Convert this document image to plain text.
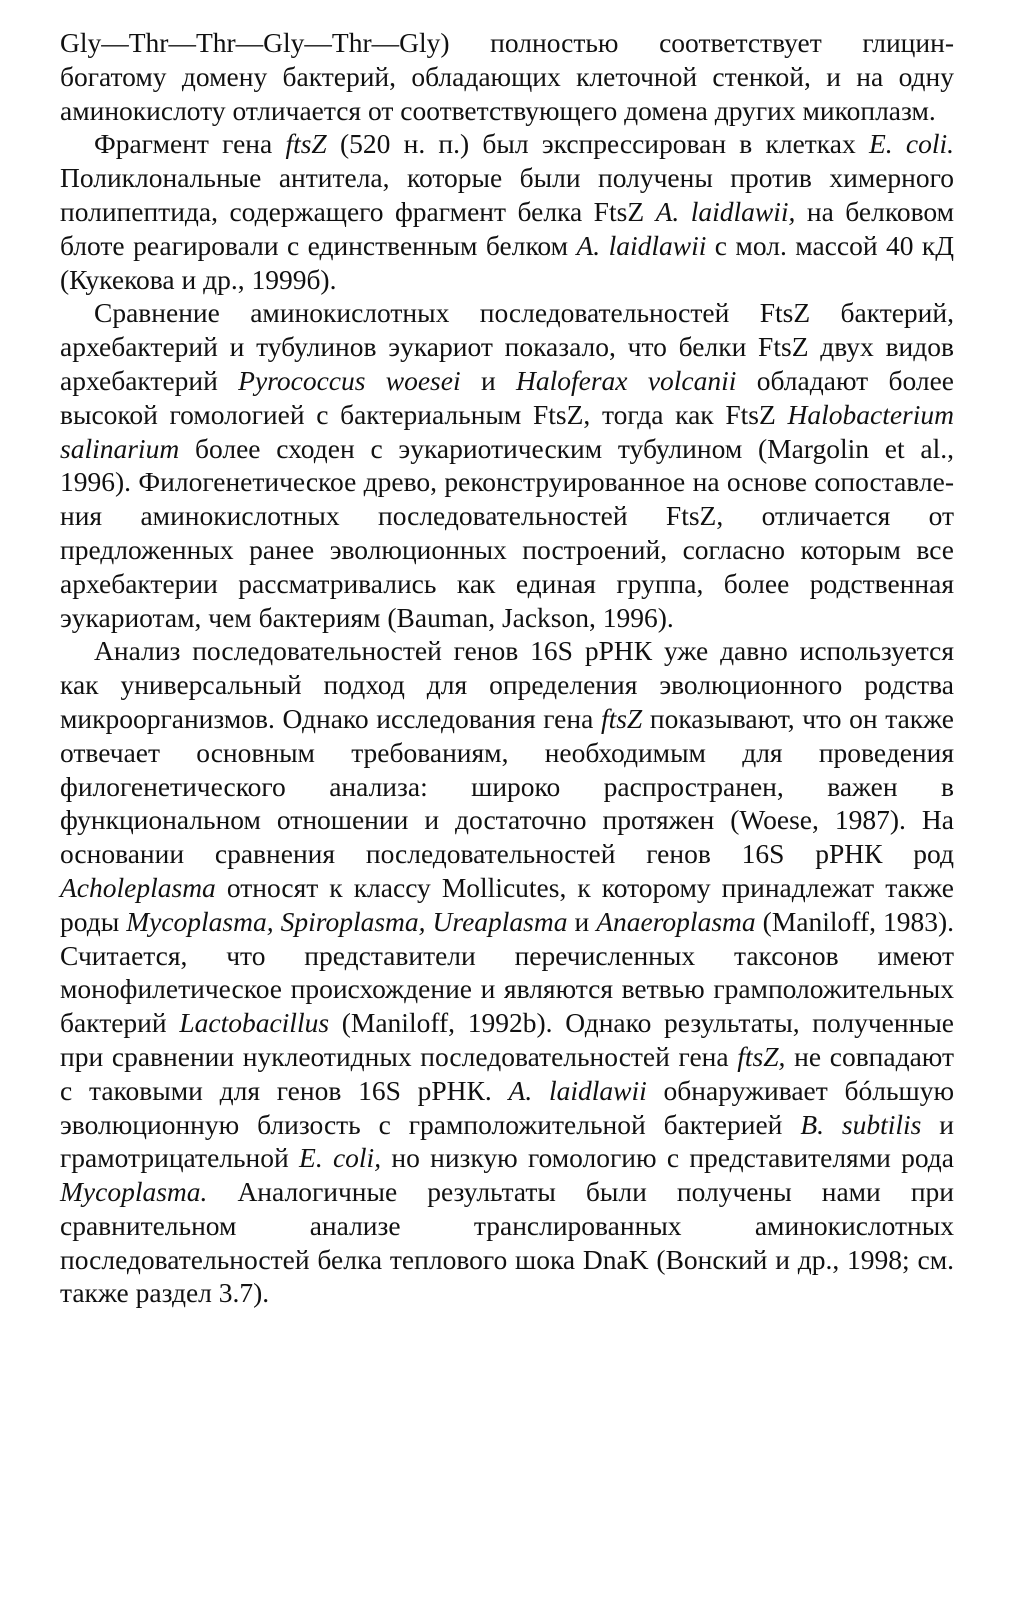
Gly—Thr—Thr—Gly—Thr—Gly) полностью соответствует глицин-богатому домену бактерий, обладающих клеточной стенкой, и на одну аминокислоту отличается от соответствующего домена других микоплазм.

Фрагмент гена ftsZ (520 н. п.) был экспрессирован в клетках E. coli. Поликлональные антитела, которые были получены против химерного полипептида, содержащего фрагмент белка FtsZ A. laidlawii, на белковом блоте реагировали с единственным белком A. laidlawii с мол. массой 40 кД (Кукекова и др., 1999б).

Сравнение аминокислотных последовательностей FtsZ бактерий, архебактерий и тубулинов эукариот показало, что белки FtsZ двух видов архебактерий Pyrococcus woesei и Haloferax volcanii обладают более высокой гомологией с бактериальным FtsZ, тогда как FtsZ Halobacterium salinarium более сходен с эукариотическим тубулином (Margolin et al., 1996). Филогенетическое древо, реконструированное на основе сопоставления аминокислотных последовательностей FtsZ, отличается от предложенных ранее эволюционных построений, согласно которым все архебактерии рассматривались как единая группа, более родственная эукариотам, чем бактериям (Bauman, Jackson, 1996).

Анализ последовательностей генов 16S рРНК уже давно используется как универсальный подход для определения эволюционного родства микроорганизмов. Однако исследования гена ftsZ показывают, что он также отвечает основным требованиям, необходимым для проведения филогенетического анализа: широко распространен, важен в функциональном отношении и достаточно протяжен (Woese, 1987). На основании сравнения последовательностей генов 16S рРНК род Acholeplasma относят к классу Mollicutes, к которому принадлежат также роды Mycoplasma, Spiroplasma, Ureaplasma и Anaeroplasma (Maniloff, 1983). Считается, что представители перечисленных таксонов имеют монофилетическое происхождение и являются ветвью грамположительных бактерий Lactobacillus (Maniloff, 1992b). Однако результаты, полученные при сравнении нуклеотидных последовательностей гена ftsZ, не совпадают с таковыми для генов 16S рРНК. A. laidlawii обнаруживает бóльшую эволюционную близость с грамположительной бактерией B. subtilis и грамотрицательной E. coli, но низкую гомологию с представителями рода Mycoplasma. Аналогичные результаты были получены нами при сравнительном анализе транслированных аминокислотных последовательностей белка теплового шока DnaK (Вонский и др., 1998; см. также раздел 3.7).
